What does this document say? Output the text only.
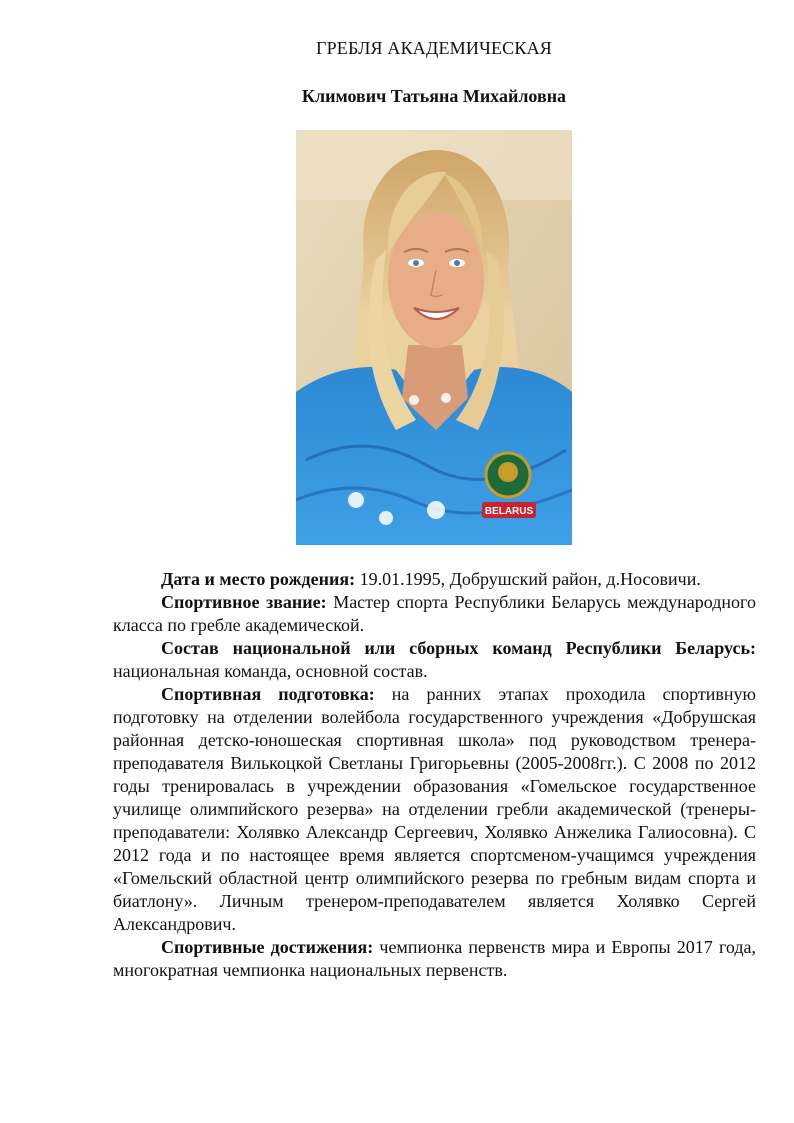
ГРЕБЛЯ АКАДЕМИЧЕСКАЯ
Климович Татьяна Михайловна
BELARUS

Дата и место рождения: 19.01.1995, Добрушский район, д.Носовичи.

Спортивное звание: Мастер спорта Республики Беларусь международного класса по гребле академической.

Состав национальной или сборных команд Республики Беларусь: национальная команда, основной состав.

Спортивная подготовка: на ранних этапах проходила спортивную подготовку на отделении волейбола государственного учреждения «Добрушская районная детско-юношеская спортивная школа» под руководством тренера-преподавателя Вилькоцкой Светланы Григорьевны (2005-2008гг.). С 2008 по 2012 годы тренировалась в учреждении образования «Гомельское государственное училище олимпийского резерва» на отделении гребли академической (тренеры-преподаватели: Холявко Александр Сергеевич, Холявко Анжелика Галиосовна). С 2012 года и по настоящее время является спортсменом-учащимся учреждения «Гомельский областной центр олимпийского резерва по гребным видам спорта и биатлону». Личным тренером-преподавателем является Холявко Сергей Александрович.

Спортивные достижения: чемпионка первенств мира и Европы 2017 года, многократная чемпионка национальных первенств.
